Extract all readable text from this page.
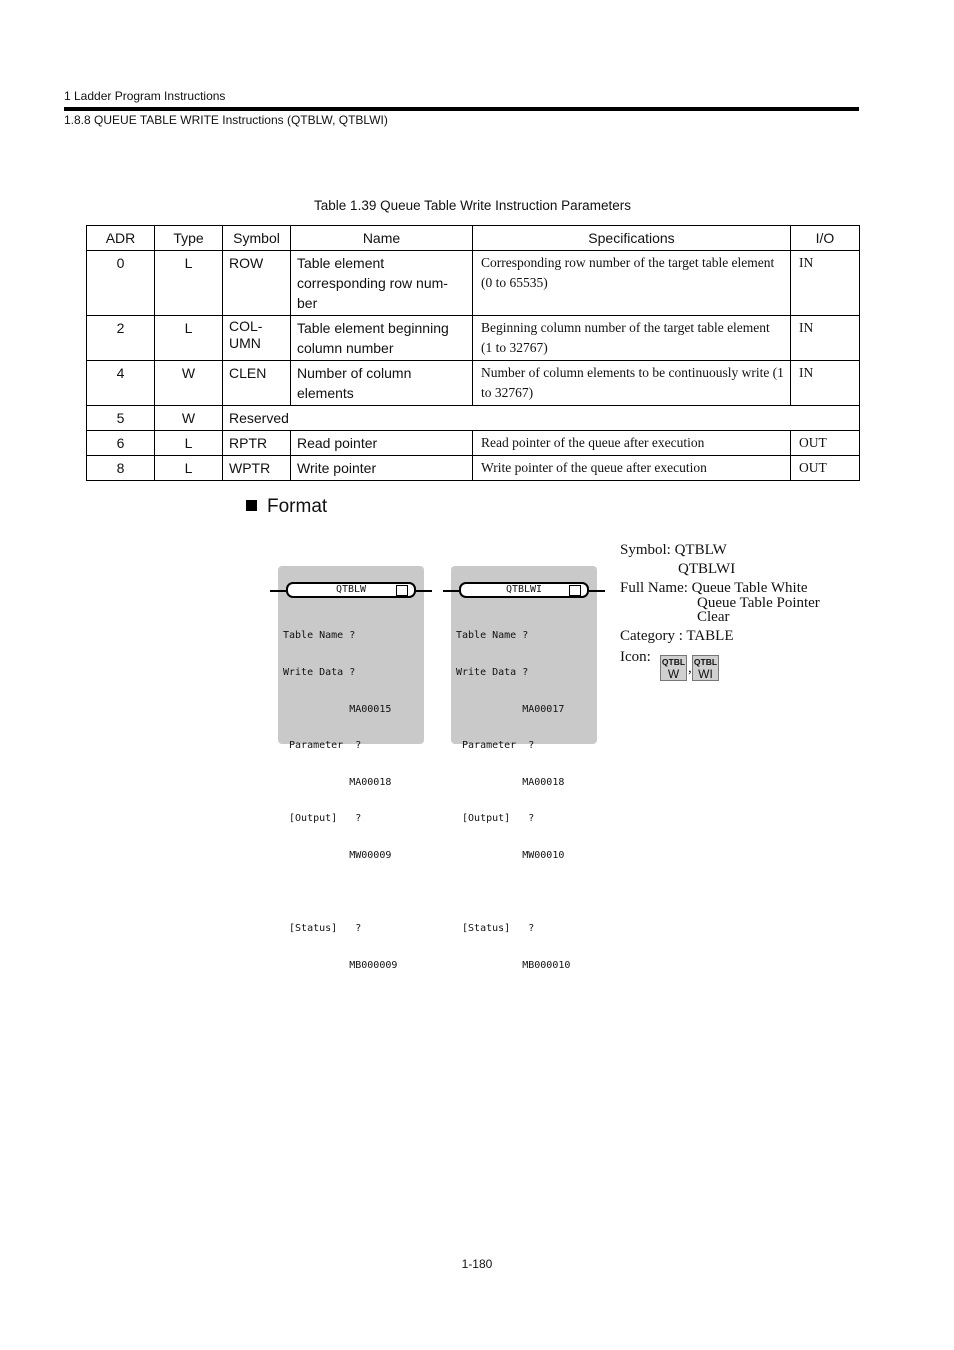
1 Ladder Program Instructions
1.8.8 QUEUE TABLE WRITE Instructions (QTBLW, QTBLWI)
Table 1.39 Queue Table Write Instruction Parameters
ADR	Type	Symbol	Name	Specifications	I/O
0	L	ROW	Table element corresponding row num-ber	Corresponding row number of the target table element (0 to 65535)	IN
2	L	COL-UMN	Table element beginning column number	Beginning column number of the target table element (1 to 32767)	IN
4	W	CLEN	Number of column elements	Number of column elements to be continuously write (1 to 32767)	IN
5	W	Reserved			
6	L	RPTR	Read pointer	Read pointer of the queue after execution	OUT
8	L	WPTR	Write pointer	Write pointer of the queue after execution	OUT
Format
QTBLW

Table Name ?

Write Data ?

MA00015

Parameter  ?

MA00018

[Output]   ?

MW00009

[Status]   ?

MB000009

QTBLWI

Table Name ?

Write Data ?

MA00017

Parameter  ?

MA00018

[Output]   ?

MW00010

[Status]   ?

MB000010

Symbol: QTBLW
QTBLWI
Full Name: Queue Table White
Queue Table Pointer
Clear
Category : TABLE
Icon: QTBL
W , QTBL
WI
1-180
